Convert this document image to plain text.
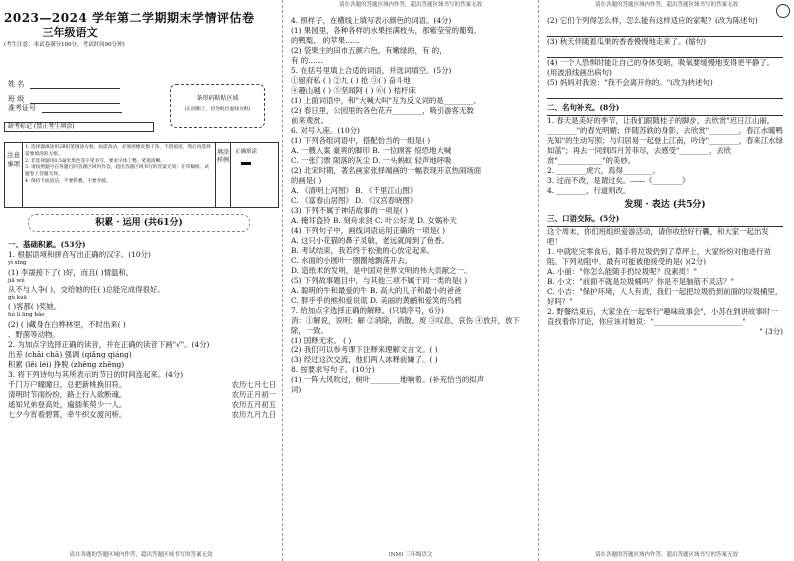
2023—2024 学年第二学期期末学情评估卷
三年级语文
(考生注意：本试卷满分100分，考试时间90分钟)
姓 名
班 级
准考证号
条形码粘贴区域
(正面朝上，切勿贴出虚线方框)
缺考标记 (禁止考生填涂)
注意事项
1. 选择题填涂用2B铅笔填涂方框，如需改动，必须用橡皮擦干净，不留痕迹，然后再选择需要填涂的方框。
2. 非选择题用0.5毫米黑色签字笔书写，要求字体工整、笔迹清晰。
3. 请按照题号在各题目的答题区域内作答，超出答题区域书写的答案无效；在草稿纸、试题卷上答题无效。
4. 保持卡面清洁，不要折叠，不要弄破。
填涂样例
正确填涂
积累 · 运用 (共61分)
一、基础积累。(53分)
1. 根据语境和拼音写出正确的汉字。(10分)
yì xīng
(1) 李晟接下了( )好，而且( )情温和，
jiā wǔ
从不与人争( )，交给她的任( )总能完成得很好。
gù kuā
( )客都( )奖她。
hú lì líng hǎo
(2) ( )藏身在白桦林里，不时出来( )
、野菌等动物。
2. 为加点字选择正确的读音，并在正确的读音下画"√"。(4分)
出差 (chāi chā) 强调 (qiǎng qiáng)
积累 (lěi léi) 挣脱 (zhèng zhēng)
3. 将下列诗句与其所表示的节日的时间连起来。(4分)
千门万户曈曈日，总把新桃换旧符。	农历七月七日
清明时节雨纷纷，路上行人欲断魂。	农历正月初一
遥知兄弟登高处，遍插茱萸少一人。	农历五月初五
七夕今宵看碧霄，牵牛织女渡河桥。	农历九月九日
请在各题的答题区域内作答，超出答题区域书写的答案无效
请在各题的答题区域内作答，超出答题区域书写的答案无效
4. 照样子，在横线上填写表示颜色的词语。(4分)
(1) 果园里，各种各样的水果挂满枝头，那紫莹莹的葡萄、
的鸭梨、 的苹果……
(2) 袋果主的田市五颜六色，有嫩绿的，有 的，
有 的……
5. 在括号里填上合适的词语，并选词填空。(5分)
①留府私 ( ) ②九 ( ) 抢 ③( ) 奋斗地
④趣山越 ( ) ⑤坚闻阿 ( ) ⑥( ) 桔杆床
(1) 上面词语中，和"大喊大叫"互为反义词的是________。
(2) 春日里，公园里的各色花卉________，吸引游客无数
前来观赏。
6. 对号入座。(10分)
(1) 下列各组词语中，搭配恰当的一组是( )
A. 一艘入案 豪爽的脚印 B. 一位顾客 惊恐地大喊
C. 一张门票 陨落的灰尘 D. 一头蚂蚁 轻声地呼吸
(2) 北宋时期，著名画家张择端画的一幅表现开京热闹场面
的画是( )
A. 《清明上河图》 B. 《千里江山图》
C. 《富春山居图》 D. 《汉宫春晓图》
(3) 下列不属于神话故事的一项是( )
A. 掩耳盗铃 B. 刻舟求剑 C. 叶公好龙 D. 女娲补天
(4) 下列句子中，画线词语运用正确的一项是( )
A. 这只小花猫的鼻子灵敏，老远就闻到了鱼香。
B. 考试结束，我若终于松弛的心放定起来。
C. 水面的小圆叶一圈圈地飘荡开去。
D. 造纸术的发明，是中国对世界文明的伟大贡献之一。
(5) 下列故事题目中，与其他三项不属于同一类的是( )
A. 聪明的牛和最爱的牛 B. 高大的儿子和最小的爸爸
C. 胖乎乎的熊和爱说谎 D. 美丽的黄鹂和爱笑的乌鸦
7. 给加点字选择正确的解释。(只填序号，6分)
消：①解说，说明；解 ②消除，消散，废 ③叹息，哀伤 ④放开，放下
除，一致。
(1) 国释无求。 ( )
(2) 我们可以参考课下注释来理解文言文。( )
(3) 经过这次交流，他们两人冰释前嫌了。( )
8. 按要求写句子。(10分)
(1) 一阵大风吹过，树叶________地响着。(补充恰当的拟声
词)
(NM) 三年级语文
请在各题的答题区域内作答，超出答题区域书写的答案无效
(2) 它们个列得怎么样，怎么能有这样适应的家呢？(改为陈述句)
(3) 秋天伴随着瓜果的香香慢慢地走来了。(缩句)
(4) 一个人恐惧时能让自己的身体变暗，吸氧要缓慢地变得更平静了。(用波浪线画出病句)
(5) 妈妈对我说："我不会离开你的。"(改为转述句)
二、名句补充。(8分)
1. 春天是美好的季节，让我们跟随桂子的脚步，去欣赏"迟日江山丽，________"的春光明媚；伴随苏轶的身影，去欣赏"________，春江水暖鸭先知"的生动写照；与归居易一起登上江南，吟诗"________，春来江水绿如蓝"；再去一同到四月芳菲尽，去感受"________，去欣赏"____________"的美妙。
2. ________虎穴，焉得________。
3. 过而不改，是谓过矣。——《________》
4. ________，行道则改。
发现 · 表达 (共5分)
三、口语交际。(5分)
这个周末，你们班组织爱游活动，请你收拾好行囊，和大家一起出发吧！
1. 中就吃完零食后，随手将垃圾扔到了草坪上，大家纷纷对他进行劝阻。下列劝阻中，最有可能被他接受的是( )(2分)
A. 小丽："你怎么能随手扔垃圾呢？没素质！"
B. 小文："前面不就是垃圾桶吗？你是不是脑筋不灵活？"
C. 小吉："保护环境，人人有责，我们一起把垃圾扔到前面的垃圾桶里，好吗？"
2. 野餐结束后，大家坐在一起举行"趣味故事会"，小苏在到讲故事时一直找着你讨论，你应该对她说："________________________"
" (3分)
请在各题的答题区域内作答，超出答题区域书写的答案无效
